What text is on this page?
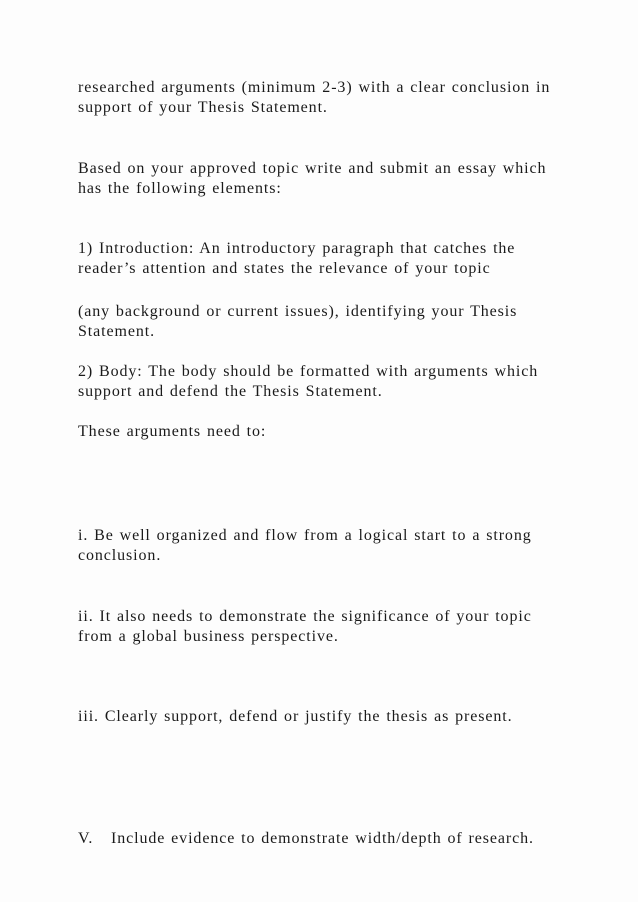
researched arguments (minimum 2-3) with a clear conclusion in
support of your Thesis Statement.
Based on your approved topic write and submit an essay which
has the following elements:
1) Introduction: An introductory paragraph that catches the
reader’s attention and states the relevance of your topic
(any background or current issues), identifying your Thesis
Statement.
2) Body: The body should be formatted with arguments which
support and defend the Thesis Statement.
These arguments need to:
i. Be well organized and flow from a logical start to a strong
conclusion.
ii. It also needs to demonstrate the significance of your topic
from a global business perspective.
iii. Clearly support, defend or justify the thesis as present.

V.   Include evidence to demonstrate width/depth of research.
